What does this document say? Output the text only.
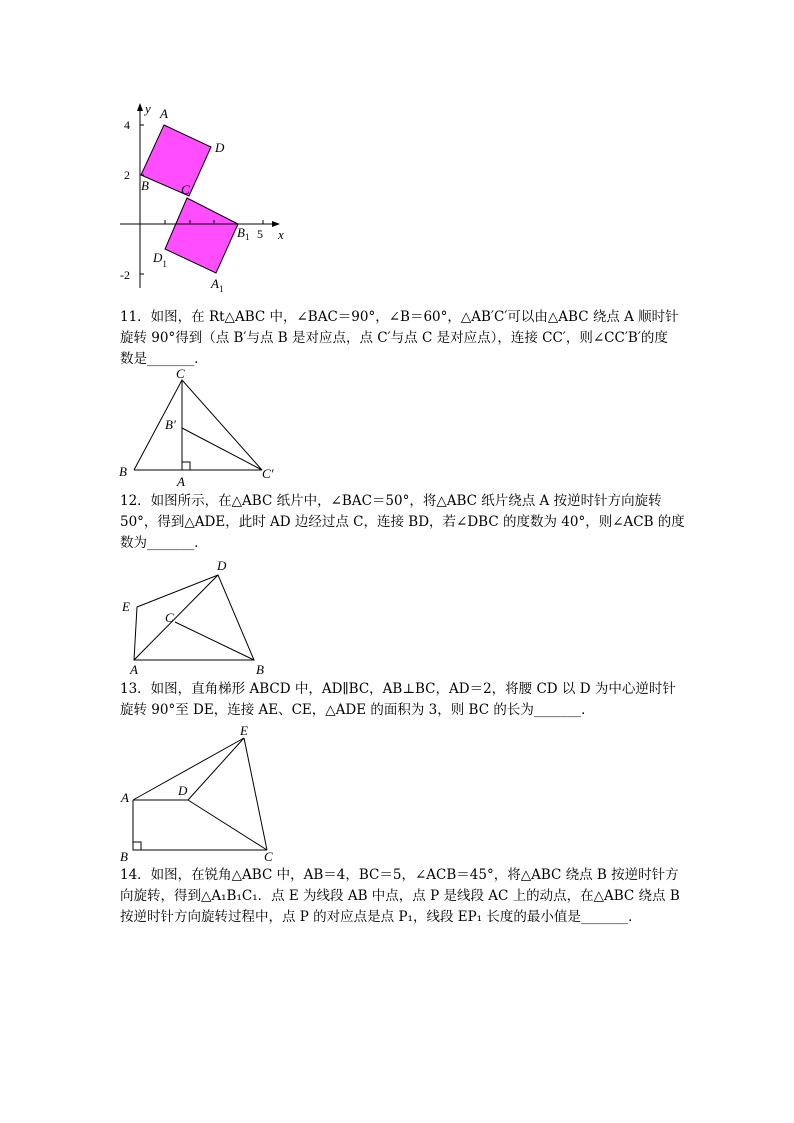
4
2
-2
5
y
x
A
D
B C
$B_1$
$D_1$
$A_1$

11．如图，在 Rt△ABC 中，∠BAC＝90°，∠B＝60°，△AB′C′可以由△ABC 绕点 A 顺时针
旋转 90°得到（点 B′与点 B 是对应点，点 C′与点 C 是对应点），连接 CC′，则∠CC′B′的度
数是_______．

C
B′
B
A
C′

12．如图所示，在△ABC 纸片中，∠BAC＝50°，将△ABC 纸片绕点 A 按逆时针方向旋转
50°，得到△ADE，此时 AD 边经过点 C，连接 BD，若∠DBC 的度数为 40°，则∠ACB 的度
数为_______．

D
E
C
A	B

13．如图，直角梯形 ABCD 中，AD∥BC，AB⊥BC，AD＝2，将腰 CD 以 D 为中心逆时针
旋转 90°至 DE，连接 AE、CE，△ADE 的面积为 3，则 BC 的长为_______．

E
A	D
B	C

14．如图，在锐角△ABC 中，AB＝4，BC＝5，∠ACB＝45°，将△ABC 绕点 B 按逆时针方
向旋转，得到△A₁B₁C₁．点 E 为线段 AB 中点，点 P 是线段 AC 上的动点，在△ABC 绕点 B
按逆时针方向旋转过程中，点 P 的对应点是点 P₁，线段 EP₁ 长度的最小值是_______．
